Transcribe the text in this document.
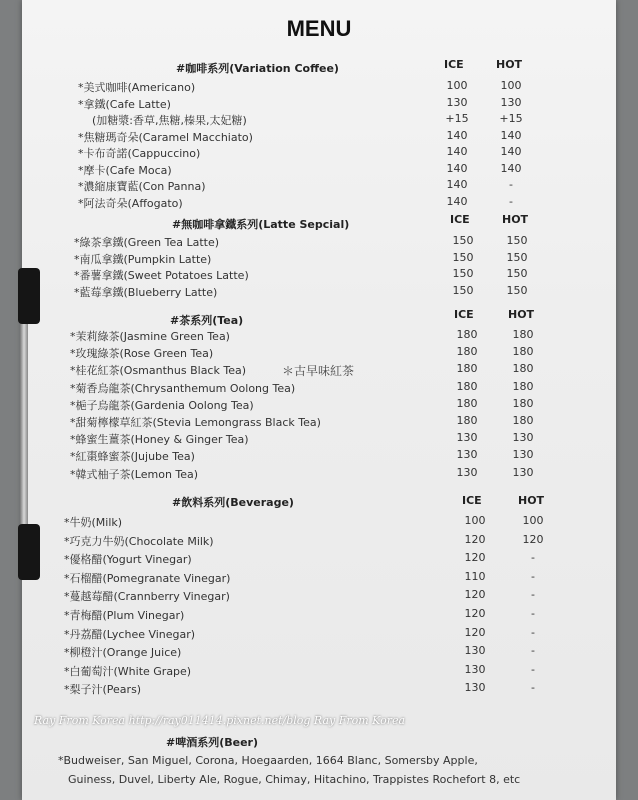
MENU
#咖啡系列(Variation Coffee)	ICE	HOT
*美式咖啡(Americano)	100	100
*拿鐵(Cafe Latte)	130	130
(加糖漿:香草,焦糖,榛果,太妃糖)	+15	+15
*焦糖瑪奇朵(Caramel Macchiato)	140	140
*卡布奇諾(Cappuccino)	140	140
*摩卡(Cafe Moca)	140	140
*濃縮康寶藍(Con Panna)	140	-
*阿法奇朵(Affogato)	140	-
#無咖啡拿鐵系列(Latte Sepcial)	ICE	HOT
*綠茶拿鐵(Green Tea Latte)	150	150
*南瓜拿鐵(Pumpkin Latte)	150	150
*番薯拿鐵(Sweet Potatoes Latte)	150	150
*藍莓拿鐵(Blueberry Latte)	150	150
#茶系列(Tea)	ICE	HOT
*茉莉綠茶(Jasmine Green Tea)	180	180
*玫瑰綠茶(Rose Green Tea)	180	180
*桂花紅茶(Osmanthus Black Tea)	180	180
*菊香烏龍茶(Chrysanthemum Oolong Tea)	180	180
*梔子烏龍茶(Gardenia Oolong Tea)	180	180
*甜菊檸檬草紅茶(Stevia Lemongrass Black Tea)	180	180
*蜂蜜生薑茶(Honey & Ginger Tea)	130	130
*紅棗蜂蜜茶(Jujube Tea)	130	130
*韓式柚子茶(Lemon Tea)	130	130
#飲料系列(Beverage)	ICE	HOT
*牛奶(Milk)	100	100
*巧克力牛奶(Chocolate Milk)	120	120
*優格醋(Yogurt Vinegar)	120	-
*石榴醋(Pomegranate Vinegar)	110	-
*蔓越莓醋(Crannberry Vinegar)	120	-
*青梅醋(Plum Vinegar)	120	-
*丹荔醋(Lychee Vinegar)	120	-
*柳橙汁(Orange Juice)	130	-
*白葡萄汁(White Grape)	130	-
*梨子汁(Pears)	130	-
＊古早味紅茶
Ray From Korea http://ray011414.pixnet.net/blog Ray From Korea
#啤酒系列(Beer)
*Budweiser, San Miguel, Corona, Hoegaarden, 1664 Blanc, Somersby Apple,
Guiness, Duvel, Liberty Ale, Rogue, Chimay, Hitachino, Trappistes Rochefort 8, etc
